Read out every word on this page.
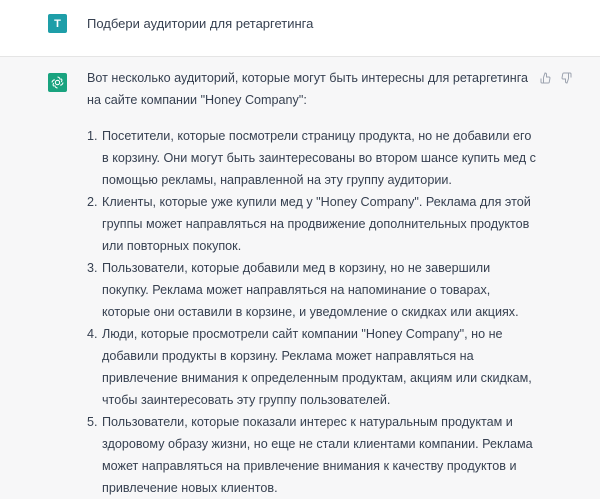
T Подбери аудитории для ретаргетинга

Вот несколько аудиторий, которые могут быть интересны для ретаргетинга на сайте компании "Honey Company":

1. Посетители, которые посмотрели страницу продукта, но не добавили его в корзину. Они могут быть заинтересованы во втором шансе купить мед с помощью рекламы, направленной на эту группу аудитории.
2. Клиенты, которые уже купили мед у "Honey Company". Реклама для этой группы может направляться на продвижение дополнительных продуктов или повторных покупок.
3. Пользователи, которые добавили мед в корзину, но не завершили покупку. Реклама может направляться на напоминание о товарах, которые они оставили в корзине, и уведомление о скидках или акциях.
4. Люди, которые просмотрели сайт компании "Honey Company", но не добавили продукты в корзину. Реклама может направляться на привлечение внимания к определенным продуктам, акциям или скидкам, чтобы заинтересовать эту группу пользователей.
5. Пользователи, которые показали интерес к натуральным продуктам и здоровому образу жизни, но еще не стали клиентами компании. Реклама может направляться на привлечение внимания к качеству продуктов и привлечение новых клиентов.
